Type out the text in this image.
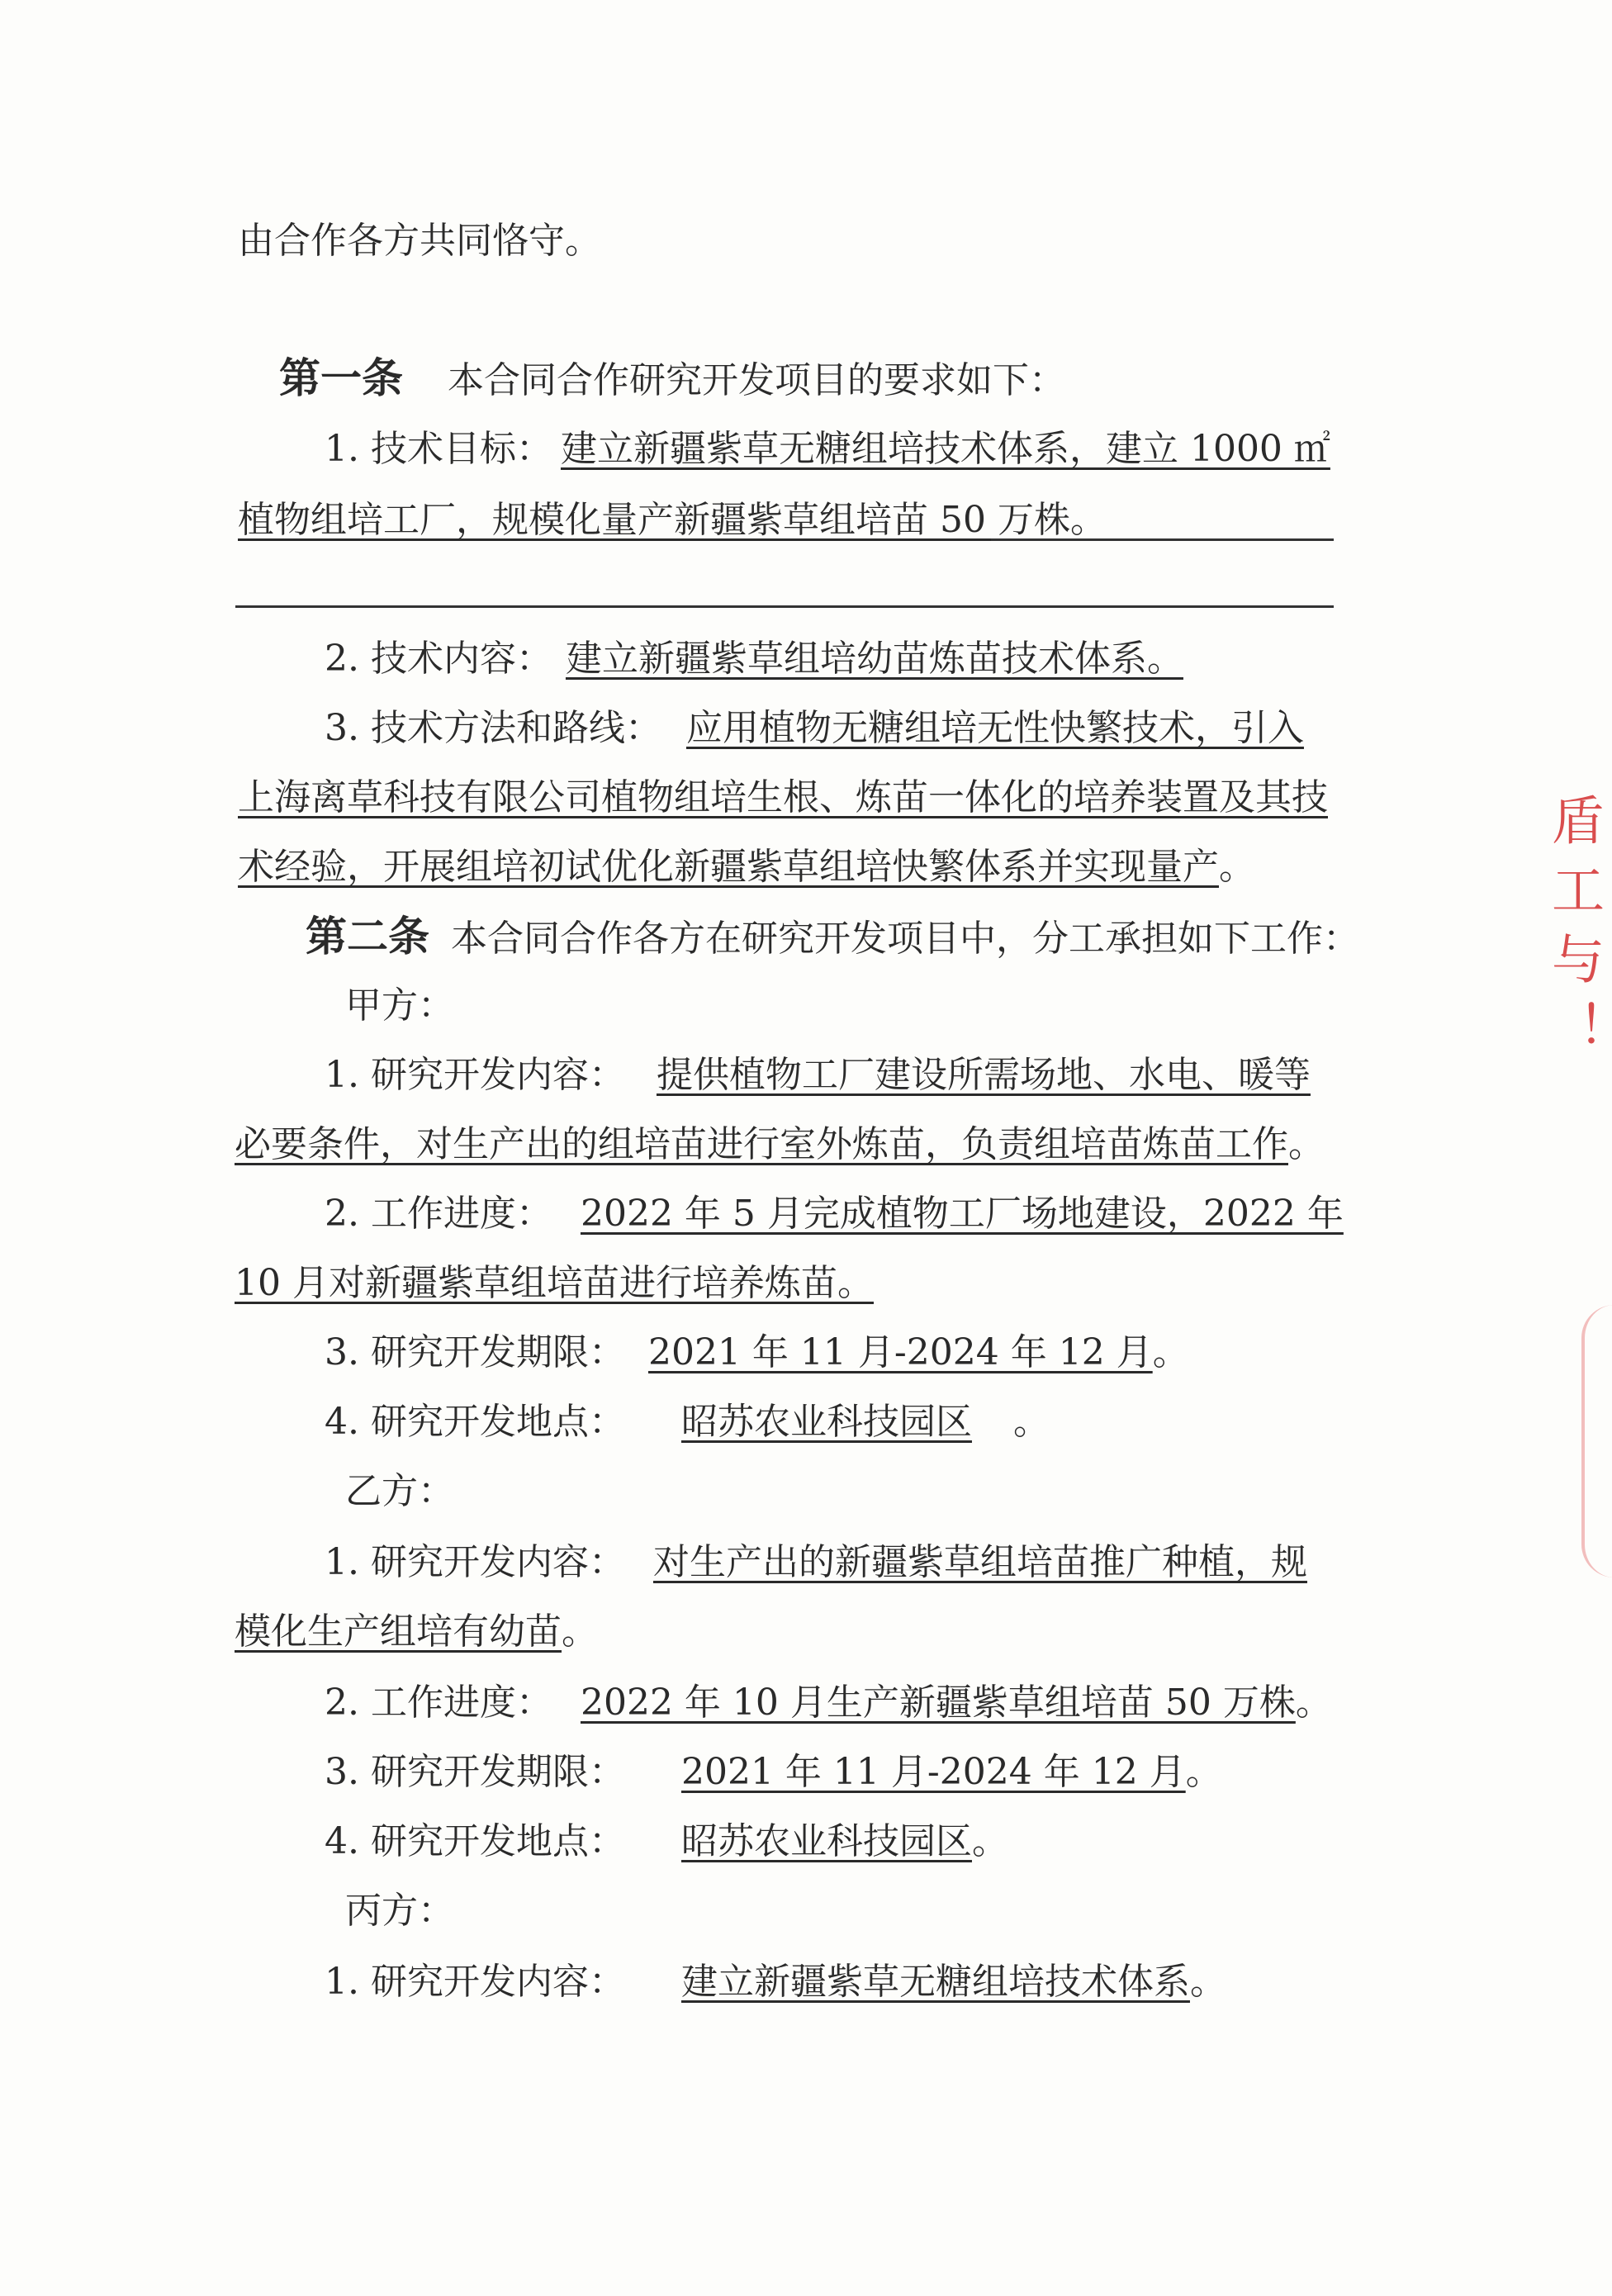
由合作各方共同恪守。
第一条 本合同合作研究开发项目的要求如下：
1. 技术目标： 建立新疆紫草无糖组培技术体系，建立 1000 ㎡
植物组培工厂，规模化量产新疆紫草组培苗 50 万株。
2. 技术内容： 建立新疆紫草组培幼苗炼苗技术体系。
3. 技术方法和路线： 应用植物无糖组培无性快繁技术，引入
上海离草科技有限公司植物组培生根、炼苗一体化的培养装置及其技
术经验，开展组培初试优化新疆紫草组培快繁体系并实现量产。
第二条 本合同合作各方在研究开发项目中，分工承担如下工作：
甲方：
1. 研究开发内容： 提供植物工厂建设所需场地、水电、暖等
必要条件，对生产出的组培苗进行室外炼苗，负责组培苗炼苗工作。
2. 工作进度： 2022 年 5 月完成植物工厂场地建设，2022 年
10 月对新疆紫草组培苗进行培养炼苗。
3. 研究开发期限： 2021 年 11 月-2024 年 12 月。
4. 研究开发地点： 昭苏农业科技园区 。
乙方：
1. 研究开发内容： 对生产出的新疆紫草组培苗推广种植，规
模化生产组培有幼苗。
2. 工作进度： 2022 年 10 月生产新疆紫草组培苗 50 万株。
3. 研究开发期限： 2021 年 11 月-2024 年 12 月。
4. 研究开发地点： 昭苏农业科技园区。
丙方：
1. 研究开发内容： 建立新疆紫草无糖组培技术体系。
盾工与！
